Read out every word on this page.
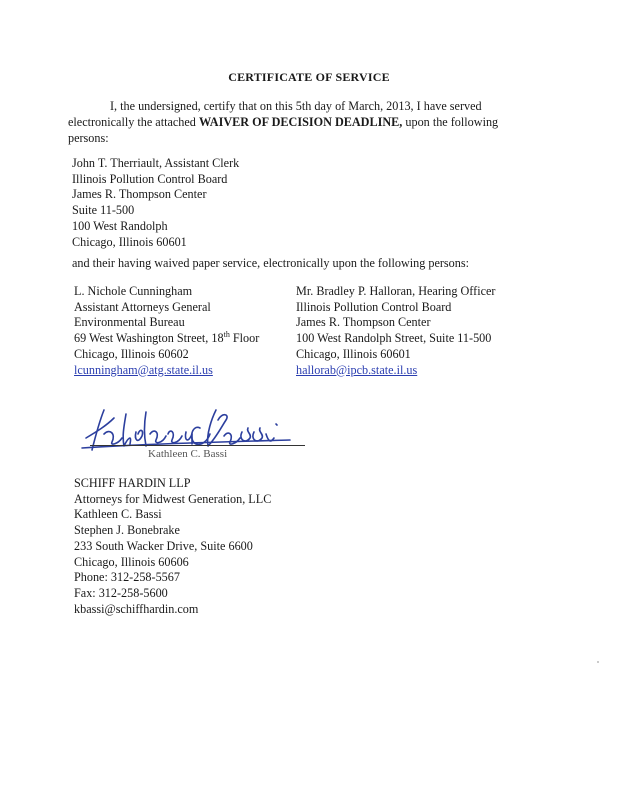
CERTIFICATE OF SERVICE
I, the undersigned, certify that on this 5th day of March, 2013, I have served electronically the attached WAIVER OF DECISION DEADLINE, upon the following persons:
John T. Therriault, Assistant Clerk
Illinois Pollution Control Board
James R. Thompson Center
Suite 11-500
100 West Randolph
Chicago, Illinois 60601
and their having waived paper service, electronically upon the following persons:
L. Nichole Cunningham
Assistant Attorneys General
Environmental Bureau
69 West Washington Street, 18th Floor
Chicago, Illinois 60602
lcunningham@atg.state.il.us
Mr. Bradley P. Halloran, Hearing Officer
Illinois Pollution Control Board
James R. Thompson Center
100 West Randolph Street, Suite 11-500
Chicago, Illinois 60601
hallorab@ipcb.state.il.us
Kathleen C. Bassi
SCHIFF HARDIN LLP
Attorneys for Midwest Generation, LLC
Kathleen C. Bassi
Stephen J. Bonebrake
233 South Wacker Drive, Suite 6600
Chicago, Illinois 60606
Phone: 312-258-5567
Fax: 312-258-5600
kbassi@schiffhardin.com
